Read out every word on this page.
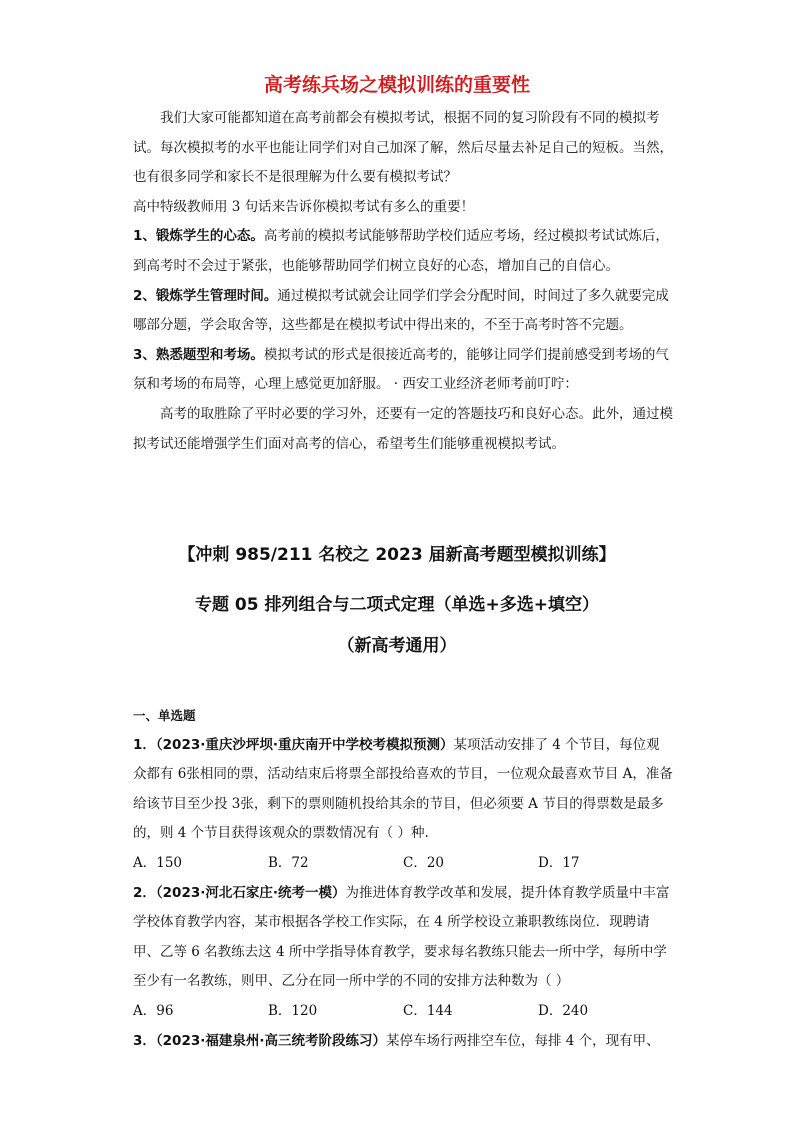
高考练兵场之模拟训练的重要性

我们大家可能都知道在高考前都会有模拟考试，根据不同的复习阶段有不同的模拟考试。每次模拟考的水平也能让同学们对自己加深了解，然后尽量去补足自己的短板。当然，也有很多同学和家长不是很理解为什么要有模拟考试？

高中特级教师用 3 句话来告诉你模拟考试有多么的重要！

1、锻炼学生的心态。高考前的模拟考试能够帮助学校们适应考场，经过模拟考试试炼后，到高考时不会过于紧张，也能够帮助同学们树立良好的心态，增加自己的自信心。

2、锻炼学生管理时间。通过模拟考试就会让同学们学会分配时间，时间过了多久就要完成哪部分题，学会取舍等，这些都是在模拟考试中得出来的，不至于高考时答不完题。

3、熟悉题型和考场。模拟考试的形式是很接近高考的，能够让同学们提前感受到考场的气氛和考场的布局等，心理上感觉更加舒服。 · 西安工业经济老师考前叮咛：

高考的取胜除了平时必要的学习外，还要有一定的答题技巧和良好心态。此外，通过模拟考试还能增强学生们面对高考的信心，希望考生们能够重视模拟考试。

【冲刺 985/211 名校之 2023 届新高考题型模拟训练】
专题 05 排列组合与二项式定理（单选+多选+填空）
（新高考通用）

一、单选题

1．（2023·重庆沙坪坝·重庆南开中学校考模拟预测）某项活动安排了 4 个节目，每位观众都有 6张相同的票，活动结束后将票全部投给喜欢的节目，一位观众最喜欢节目 A，准备给该节目至少投 3张，剩下的票则随机投给其余的节目，但必须要 A 节目的得票数是最多的，则 4 个节目获得该观众的票数情况有（ ）种.

A．150	B．72	C．20	D．17

2．（2023·河北石家庄·统考一模）为推进体育教学改革和发展，提升体育教学质量中丰富学校体育教学内容，某市根据各学校工作实际，在 4 所学校设立兼职教练岗位．现聘请甲、乙等 6 名教练去这 4 所中学指导体育教学，要求每名教练只能去一所中学，每所中学至少有一名教练，则甲、乙分在同一所中学的不同的安排方法种数为（ ）

A．96	B．120	C．144	D．240

3．（2023·福建泉州·高三统考阶段练习）某停车场行两排空车位，每排 4 个，现有甲、
